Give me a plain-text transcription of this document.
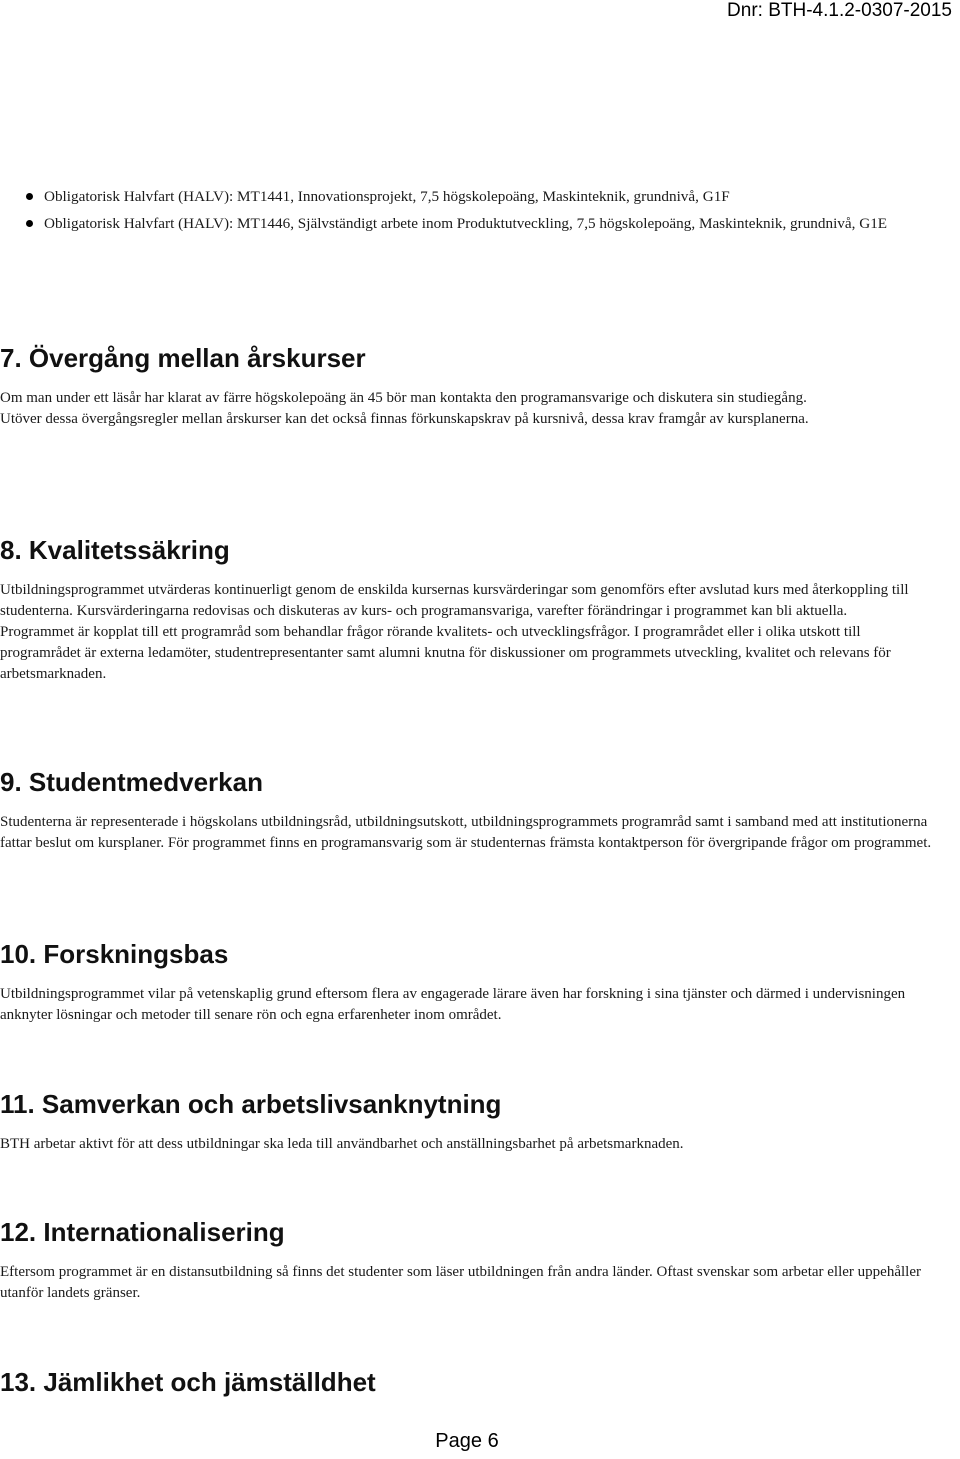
Dnr: BTH-4.1.2-0307-2015
Obligatorisk Halvfart (HALV): MT1441, Innovationsprojekt, 7,5 högskolepoäng, Maskinteknik, grundnivå, G1F
Obligatorisk Halvfart (HALV): MT1446, Självständigt arbete inom Produktutveckling, 7,5 högskolepoäng, Maskinteknik, grundnivå, G1E
7. Övergång mellan årskurser

Om man under ett läsår har klarat av färre högskolepoäng än 45 bör man kontakta den programansvarige och diskutera sin studiegång.

Utöver dessa övergångsregler mellan årskurser kan det också finnas förkunskapskrav på kursnivå, dessa krav framgår av kursplanerna.

8. Kvalitetssäkring

Utbildningsprogrammet utvärderas kontinuerligt genom de enskilda kursernas kursvärderingar som genomförs efter avslutad kurs med återkoppling till studenterna. Kursvärderingarna redovisas och diskuteras av kurs- och programansvariga, varefter förändringar i programmet kan bli aktuella.

Programmet är kopplat till ett programråd som behandlar frågor rörande kvalitets- och utvecklingsfrågor. I programrådet eller i olika utskott till programrådet är externa ledamöter, studentrepresentanter samt alumni knutna för diskussioner om programmets utveckling, kvalitet och relevans för arbetsmarknaden.

9. Studentmedverkan

Studenterna är representerade i högskolans utbildningsråd, utbildningsutskott, utbildningsprogrammets programråd samt i samband med att institutionerna fattar beslut om kursplaner. För programmet finns en programansvarig som är studenternas främsta kontaktperson för övergripande frågor om programmet.

10. Forskningsbas

Utbildningsprogrammet vilar på vetenskaplig grund eftersom flera av engagerade lärare även har forskning i sina tjänster och därmed i undervisningen anknyter lösningar och metoder till senare rön och egna erfarenheter inom området.

11. Samverkan och arbetslivsanknytning

BTH arbetar aktivt för att dess utbildningar ska leda till användbarhet och anställningsbarhet på arbetsmarknaden.

12. Internationalisering

Eftersom programmet är en distansutbildning så finns det studenter som läser utbildningen från andra länder. Oftast svenskar som arbetar eller uppehåller utanför landets gränser.

13. Jämlikhet och jämställdhet
Page 6
